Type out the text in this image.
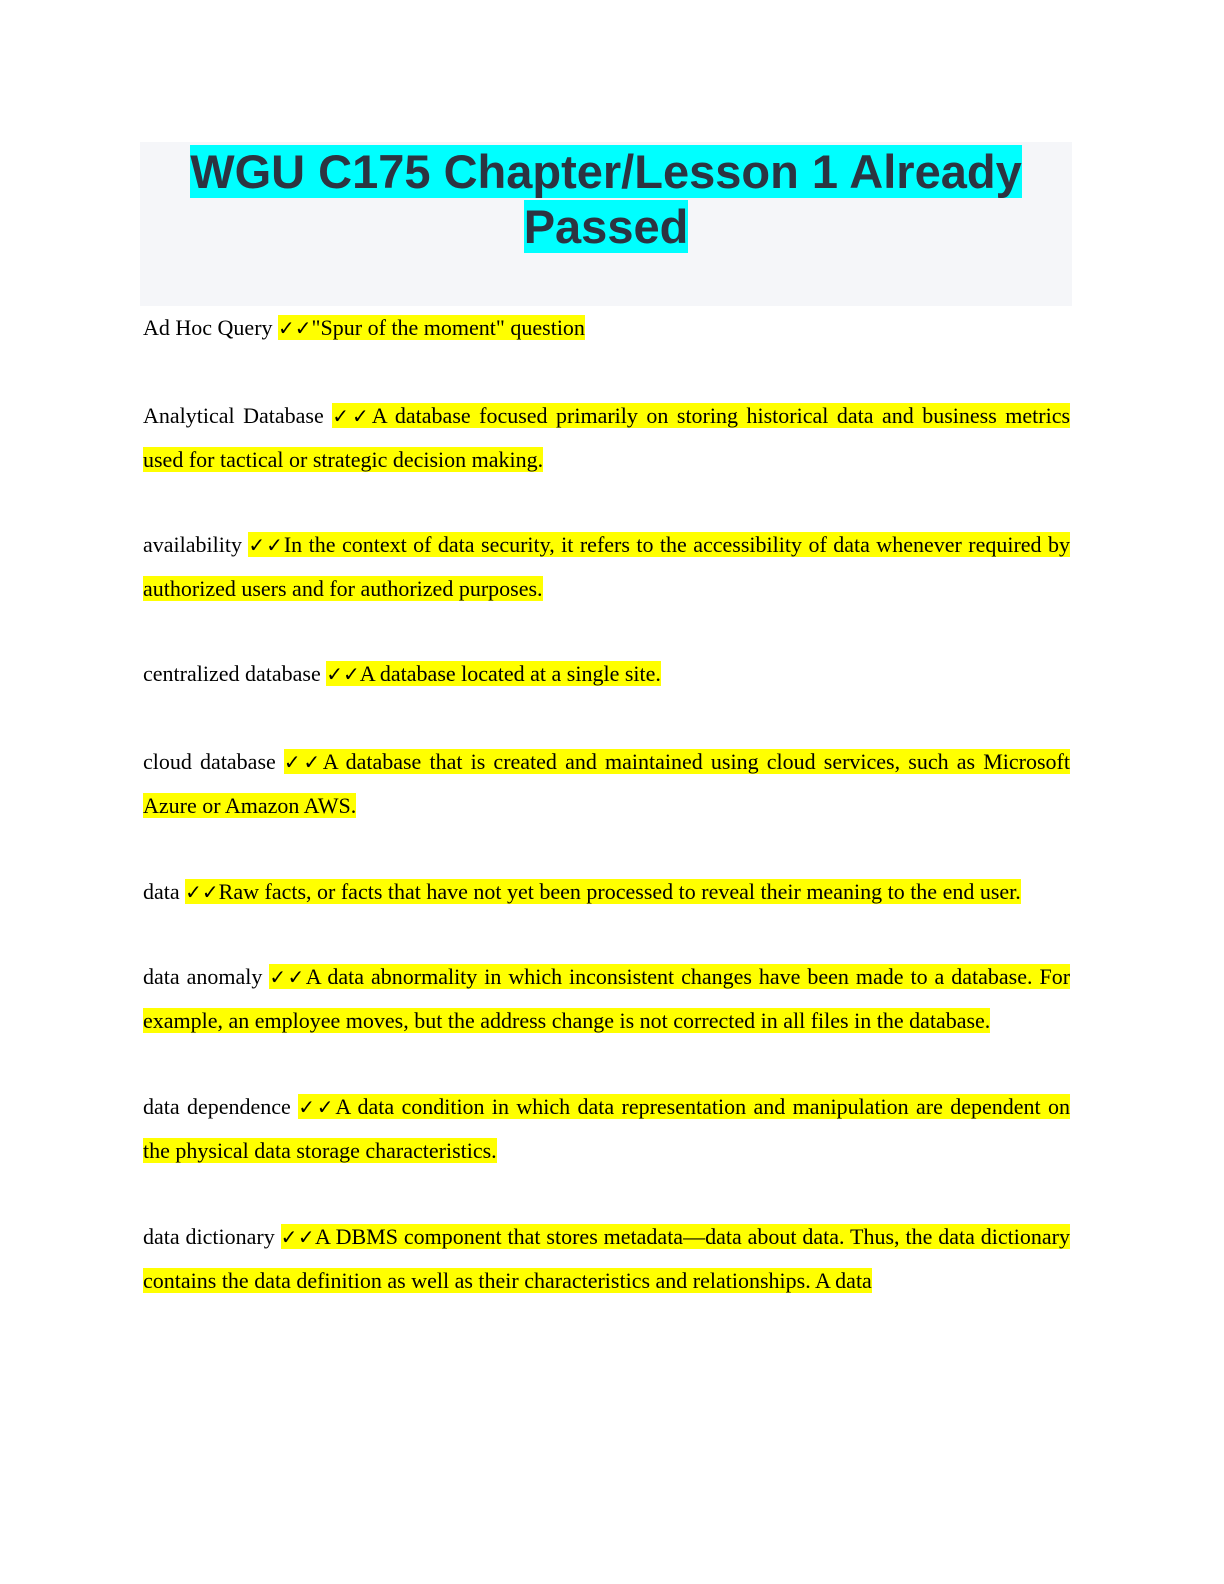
WGU C175 Chapter/Lesson 1 Already Passed

Ad Hoc Query ✓✓"Spur of the moment" question

Analytical Database ✓✓A database focused primarily on storing historical data and business metrics used for tactical or strategic decision making.

availability ✓✓In the context of data security, it refers to the accessibility of data whenever required by authorized users and for authorized purposes.

centralized database ✓✓A database located at a single site.

cloud database ✓✓A database that is created and maintained using cloud services, such as Microsoft Azure or Amazon AWS.

data ✓✓Raw facts, or facts that have not yet been processed to reveal their meaning to the end user.

data anomaly ✓✓A data abnormality in which inconsistent changes have been made to a database. For example, an employee moves, but the address change is not corrected in all files in the database.

data dependence ✓✓A data condition in which data representation and manipulation are dependent on the physical data storage characteristics.

data dictionary ✓✓A DBMS component that stores metadata—data about data. Thus, the data dictionary contains the data definition as well as their characteristics and relationships. A data
